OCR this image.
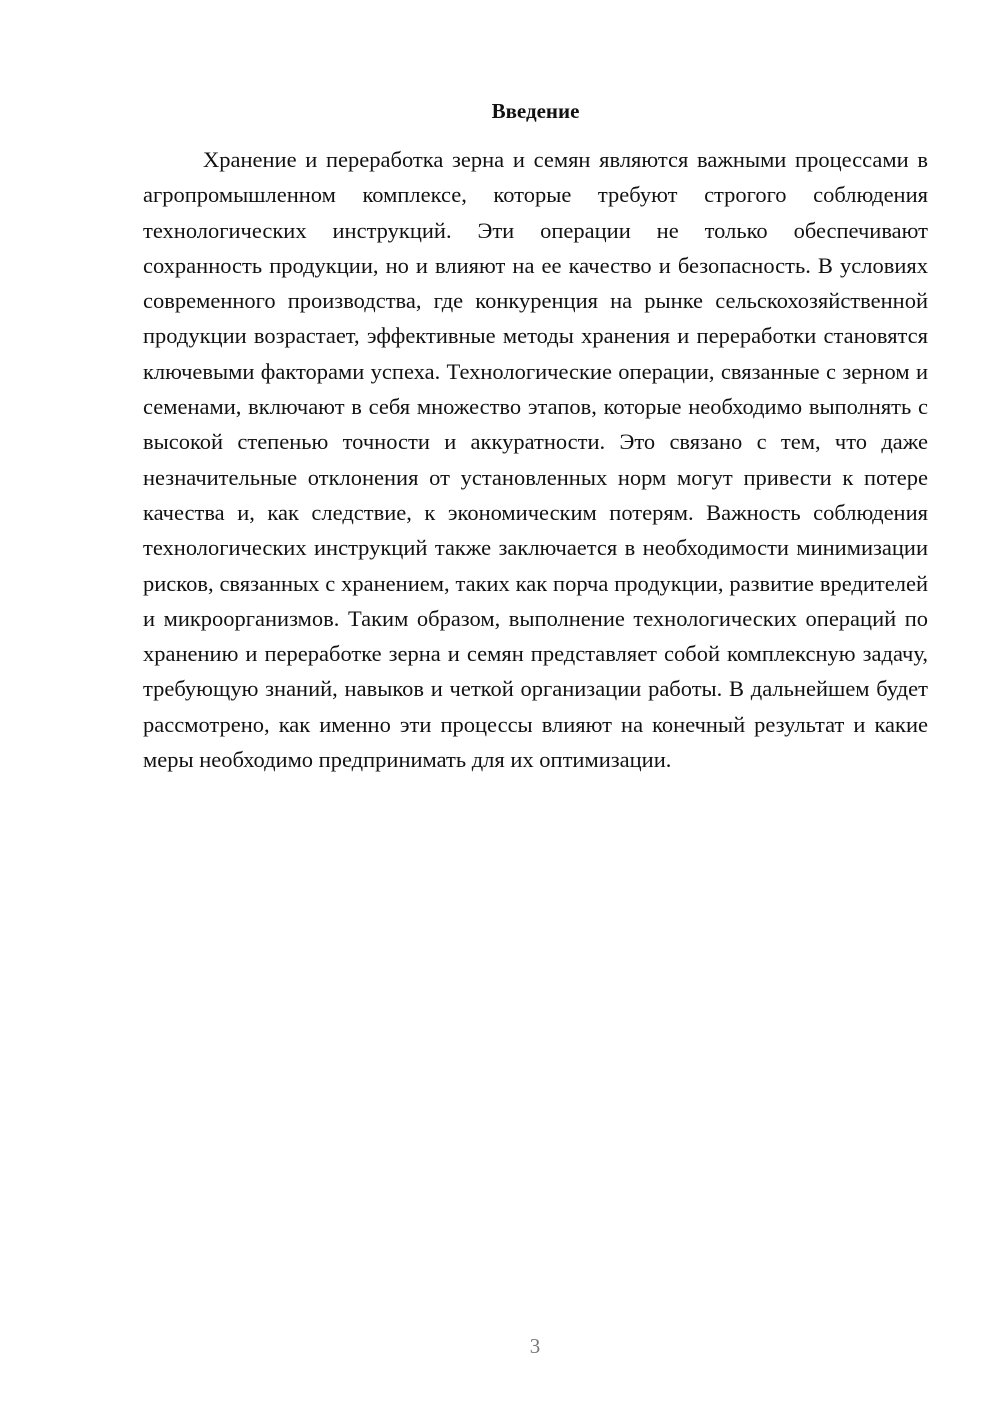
Введение

Хранение и переработка зерна и семян являются важными процессами в агропромышленном комплексе, которые требуют строгого соблюдения технологических инструкций. Эти операции не только обеспечивают сохранность продукции, но и влияют на ее качество и безопасность. В условиях современного производства, где конкуренция на рынке сельскохозяйственной продукции возрастает, эффективные методы хранения и переработки становятся ключевыми факторами успеха. Технологические операции, связанные с зерном и семенами, включают в себя множество этапов, которые необходимо выполнять с высокой степенью точности и аккуратности. Это связано с тем, что даже незначительные отклонения от установленных норм могут привести к потере качества и, как следствие, к экономическим потерям. Важность соблюдения технологических инструкций также заключается в необходимости минимизации рисков, связанных с хранением, таких как порча продукции, развитие вредителей и микроорганизмов. Таким образом, выполнение технологических операций по хранению и переработке зерна и семян представляет собой комплексную задачу, требующую знаний, навыков и четкой организации работы. В дальнейшем будет рассмотрено, как именно эти процессы влияют на конечный результат и какие меры необходимо предпринимать для их оптимизации.

3
